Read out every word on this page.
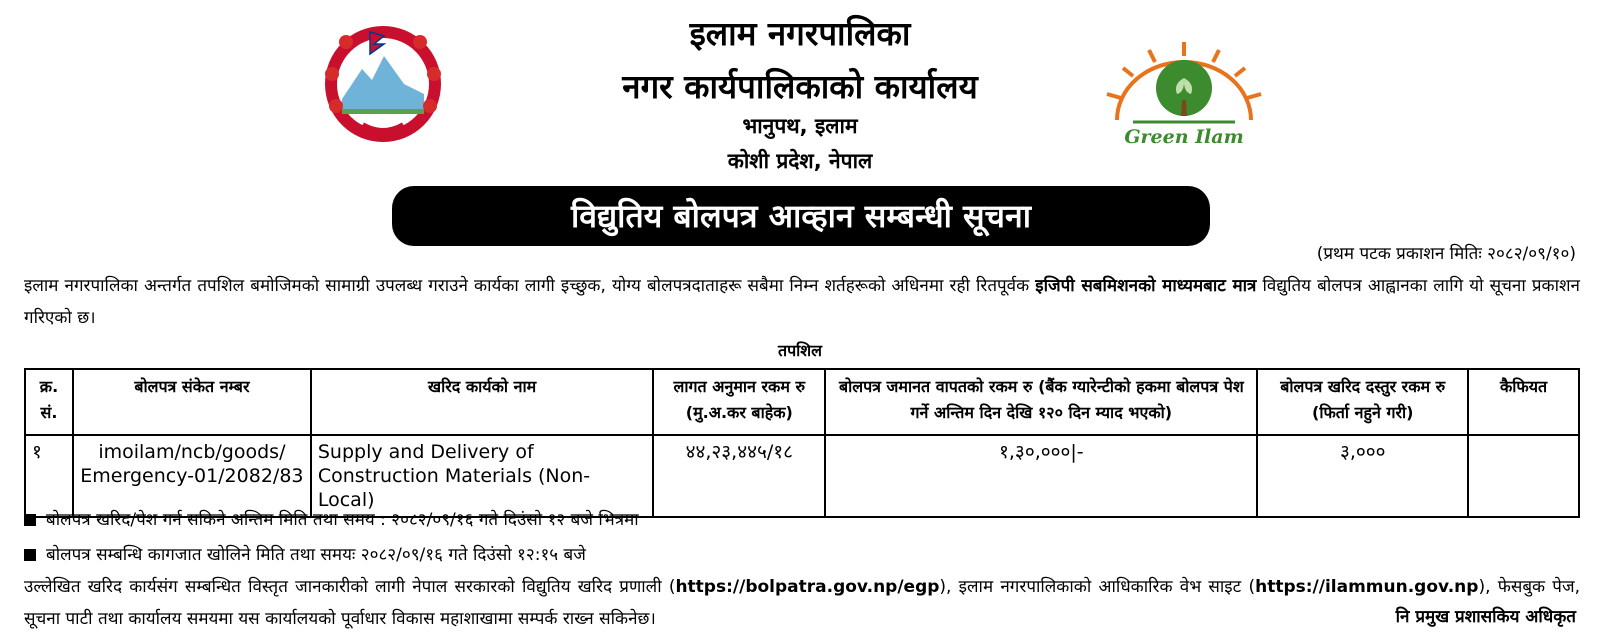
Green Ilam
इलाम नगरपालिका
नगर कार्यपालिकाको कार्यालय
भानुपथ, इलाम
कोशी प्रदेश, नेपाल
विद्युतिय बोलपत्र आव्हान सम्बन्धी सूचना
(प्रथम पटक प्रकाशन मितिः २०८२/०९/१०)
इलाम नगरपालिका अन्तर्गत तपशिल बमोजिमको सामाग्री उपलब्ध गराउने कार्यका लागी इच्छुक, योग्य बोलपत्रदाताहरू सबैमा निम्न शर्तहरूको अधिनमा रही रितपूर्वक इजिपी सबमिशनको माध्यमबाट मात्र विद्युतिय बोलपत्र आह्वानका लागि यो सूचना प्रकाशन गरिएको छ।
तपशिल
क्र. सं.	बोलपत्र संकेत नम्बर	खरिद कार्यको नाम	लागत अनुमान रकम रु (मु.अ.कर बाहेक)	बोलपत्र जमानत वापतको रकम रु (बैंक ग्यारेन्टीको हकमा बोलपत्र पेश गर्ने अन्तिम दिन देखि १२० दिन म्याद भएको)	बोलपत्र खरिद दस्तुर रकम रु (फिर्ता नहुने गरी)	कैफियत
१	imoilam/ncb/goods/ Emergency-01/2082/83	Supply and Delivery of Construction Materials (Non-Local)	४४,२३,४४५/१८	१,३०,०००|-	३,०००	
बोलपत्र खरिद/पेश गर्न सकिने अन्तिम मिति तथा समय : २०८२/०९/१६ गते दिउंसो १२ बजे भित्रमा
बोलपत्र सम्बन्धि कागजात खोलिने मिति तथा समयः २०८२/०९/१६ गते दिउंसो १२:१५ बजे
उल्लेखित खरिद कार्यसंग सम्बन्धित विस्तृत जानकारीको लागी नेपाल सरकारको विद्युतिय खरिद प्रणाली (https://bolpatra.gov.np/egp), इलाम नगरपालिकाको आधिकारिक वेभ साइट (https://ilammun.gov.np), फेसबुक पेज, सूचना पाटी तथा कार्यालय समयमा यस कार्यालयको पूर्वाधार विकास महाशाखामा सम्पर्क राख्न सकिनेछ।	नि प्रमुख प्रशासकिय अधिकृत
